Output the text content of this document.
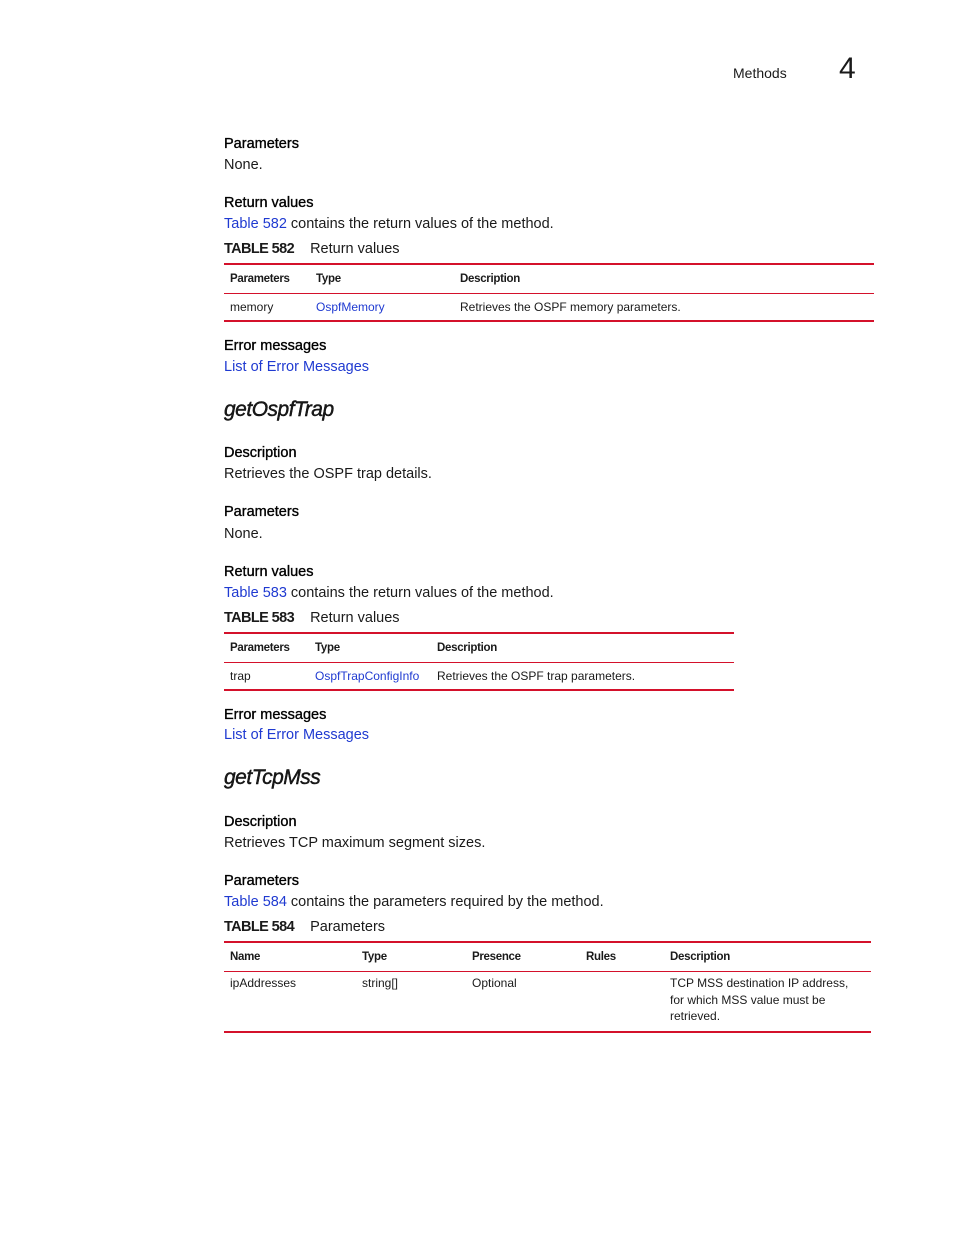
Methods 4
Parameters
None.
Return values
Table 582 contains the return values of the method.
TABLE 582 Return values
Parameters	Type	Description
memory	OspfMemory	Retrieves the OSPF memory parameters.
Error messages
List of Error Messages
getOspfTrap
Description
Retrieves the OSPF trap details.
Parameters
None.
Return values
Table 583 contains the return values of the method.
TABLE 583 Return values
Parameters	Type	Description
trap	OspfTrapConfigInfo	Retrieves the OSPF trap parameters.
Error messages
List of Error Messages
getTcpMss
Description
Retrieves TCP maximum segment sizes.
Parameters
Table 584 contains the parameters required by the method.
TABLE 584 Parameters
Name	Type	Presence	Rules	Description
ipAddresses	string[]	Optional		TCP MSS destination IP address, for which MSS value must be retrieved.
